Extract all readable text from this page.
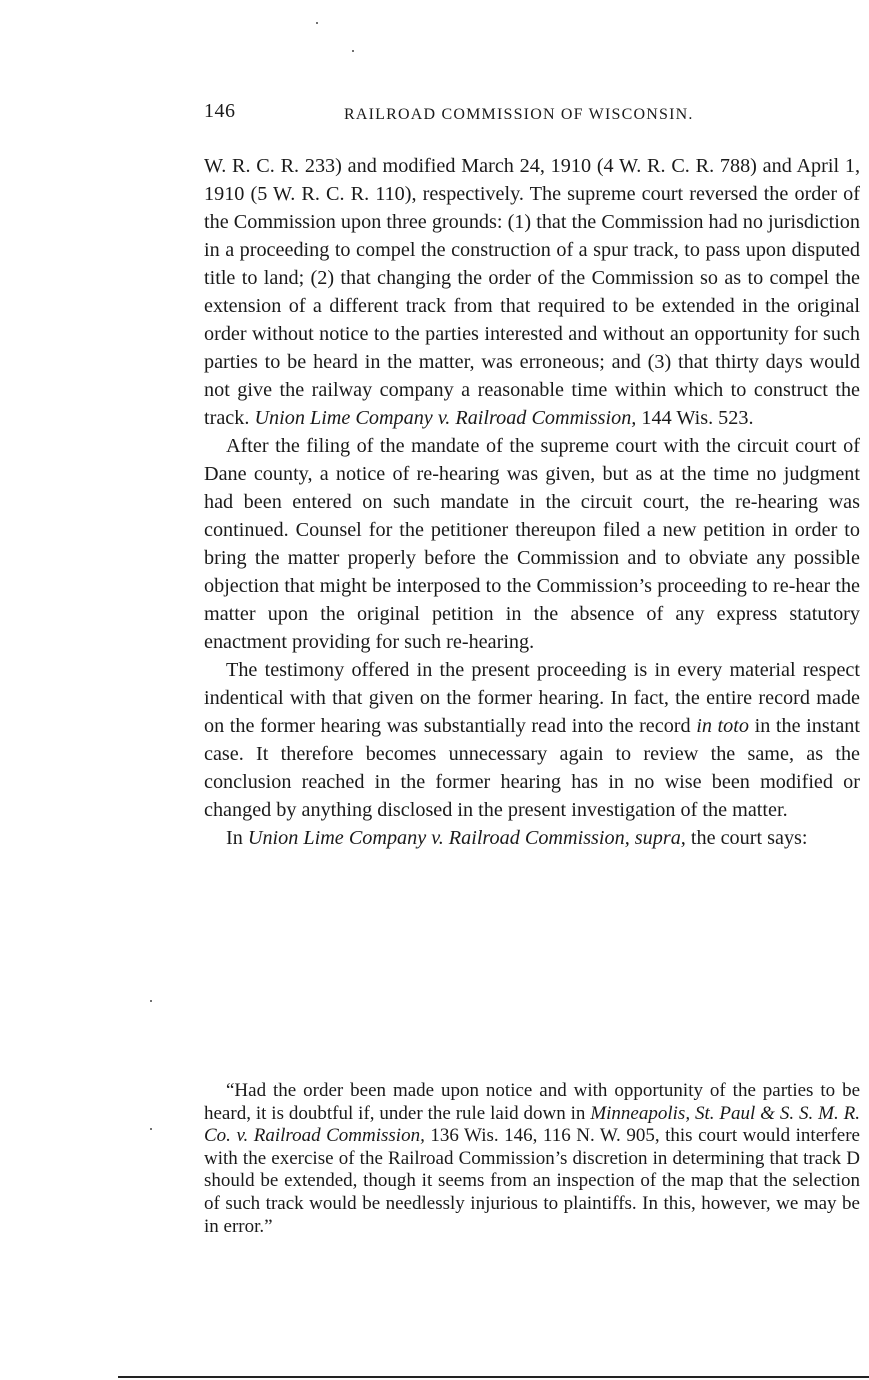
146	RAILROAD COMMISSION OF WISCONSIN.

W. R. C. R. 233) and modified March 24, 1910 (4 W. R. C. R. 788) and April 1, 1910 (5 W. R. C. R. 110), respectively. The supreme court reversed the order of the Commission upon three grounds: (1) that the Commission had no jurisdiction in a proceeding to compel the construction of a spur track, to pass upon disputed title to land; (2) that changing the order of the Commission so as to compel the extension of a different track from that required to be extended in the original order without notice to the parties interested and without an opportunity for such parties to be heard in the matter, was erroneous; and (3) that thirty days would not give the railway company a reasonable time within which to construct the track. Union Lime Company v. Railroad Commission, 144 Wis. 523.

After the filing of the mandate of the supreme court with the circuit court of Dane county, a notice of re-hearing was given, but as at the time no judgment had been entered on such mandate in the circuit court, the re-hearing was continued. Counsel for the petitioner thereupon filed a new petition in order to bring the matter properly before the Commission and to obviate any possible objection that might be interposed to the Commission’s proceeding to re-hear the matter upon the original petition in the absence of any express statutory enactment providing for such re-hearing.

The testimony offered in the present proceeding is in every material respect indentical with that given on the former hearing. In fact, the entire record made on the former hearing was substantially read into the record in toto in the instant case. It therefore becomes unnecessary again to review the same, as the conclusion reached in the former hearing has in no wise been modified or changed by anything disclosed in the present investigation of the matter.

In Union Lime Company v. Railroad Commission, supra, the court says:

“Had the order been made upon notice and with opportunity of the parties to be heard, it is doubtful if, under the rule laid down in Minneapolis, St. Paul & S. S. M. R. Co. v. Railroad Commission, 136 Wis. 146, 116 N. W. 905, this court would interfere with the exercise of the Railroad Commission’s discretion in determining that track D should be extended, though it seems from an inspection of the map that the selection of such track would be needlessly injurious to plaintiffs. In this, however, we may be in error.”
